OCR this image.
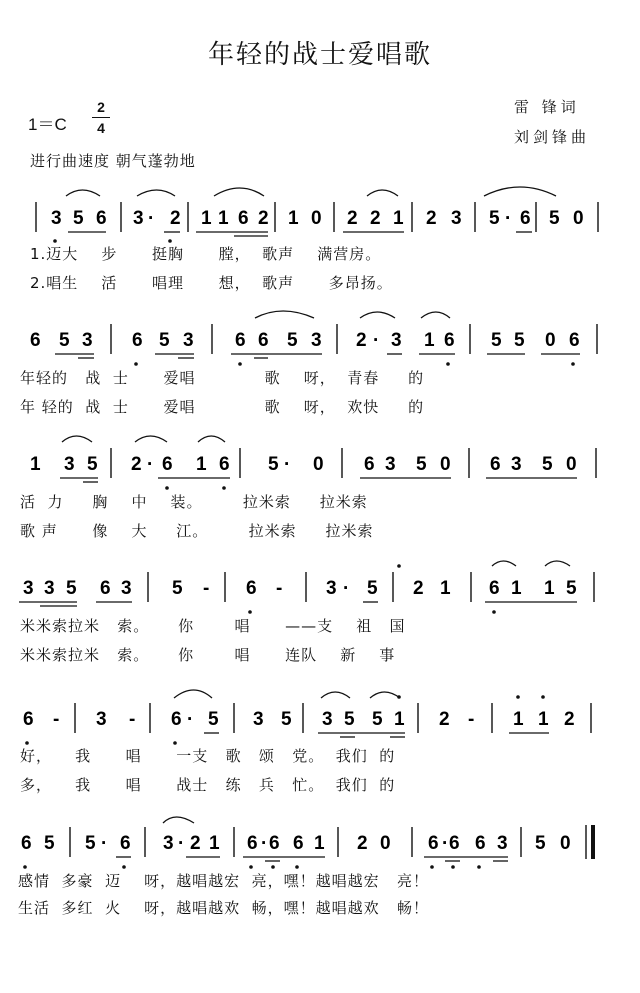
年轻的战士爱唱歌
1＝C
2
4
雷 锋词
刘剑锋曲
进行曲速度 朝气蓬勃地
3 5 6 3 · 2 1 1 6 2 1 0 2 2 1 2 3 5 · 6 5 0
6 5 3 6 5 3 6 6 5 3 2 · 3 1 6 5 5 0 6
1 3 5 2 · 6 1 6 5 · 0 6 3 5 0 6 3 5 0
3 3 5 6 3 5 - 6 - 3 · 5 2 1 6 1 1 5
6 - 3 - 6 · 5 3 5 3 5 5 1 2 - 1 1 2
6 5 5 · 6 3 · 2 1 6 · 6 6 1 2 0 6 · 6 6 3 5 0
1.迈大    步      挺胸      膛，  歌声    满营房。
2.唱生    活      唱理      想，  歌声      多昂扬。
年轻的   战  士      爱唱            歌    呀，  青春     的
年 轻的  战  士      爱唱            歌    呀，  欢快     的
活  力     胸    中    装。       拉米索     拉米索
歌 声      像    大     江。       拉米索     拉米索
米米索拉米   索。     你       唱      ——支    祖   国
米米索拉米   索。     你       唱      连队    新    事
好，    我      唱      一支   歌   颂   党。  我们  的
多，    我      唱      战士   练   兵   忙。  我们  的
感情  多豪  迈    呀，越唱越宏  亮，嘿！越唱越宏   亮！
生活  多红  火    呀，越唱越欢  畅，嘿！越唱越欢   畅！
